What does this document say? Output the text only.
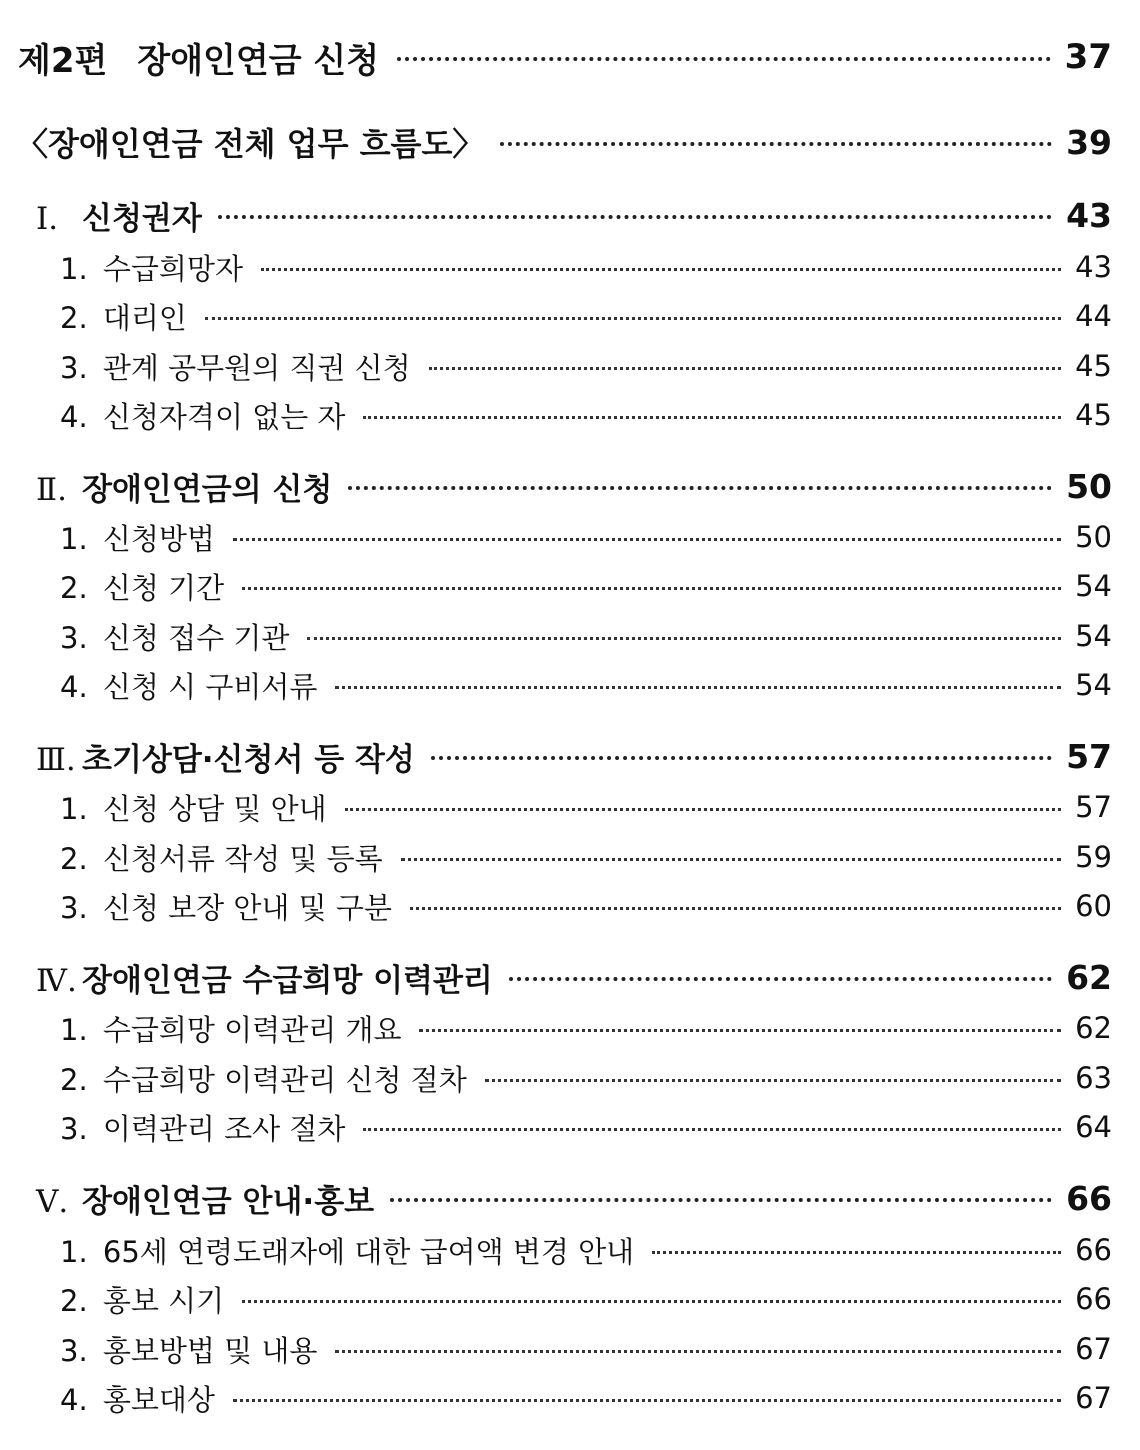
제2편 장애인연금 신청	37
〈장애인연금 전체 업무 흐름도〉	39
Ⅰ. 신청권자	43
1. 수급희망자	43
2. 대리인	44
3. 관계 공무원의 직권 신청	45
4. 신청자격이 없는 자	45
Ⅱ. 장애인연금의 신청	50
1. 신청방법	50
2. 신청 기간	54
3. 신청 접수 기관	54
4. 신청 시 구비서류	54
Ⅲ. 초기상담·신청서 등 작성	57
1. 신청 상담 및 안내	57
2. 신청서류 작성 및 등록	59
3. 신청 보장 안내 및 구분	60
Ⅳ. 장애인연금 수급희망 이력관리	62
1. 수급희망 이력관리 개요	62
2. 수급희망 이력관리 신청 절차	63
3. 이력관리 조사 절차	64
Ⅴ. 장애인연금 안내·홍보	66
1. 65세 연령도래자에 대한 급여액 변경 안내	66
2. 홍보 시기	66
3. 홍보방법 및 내용	67
4. 홍보대상	67
